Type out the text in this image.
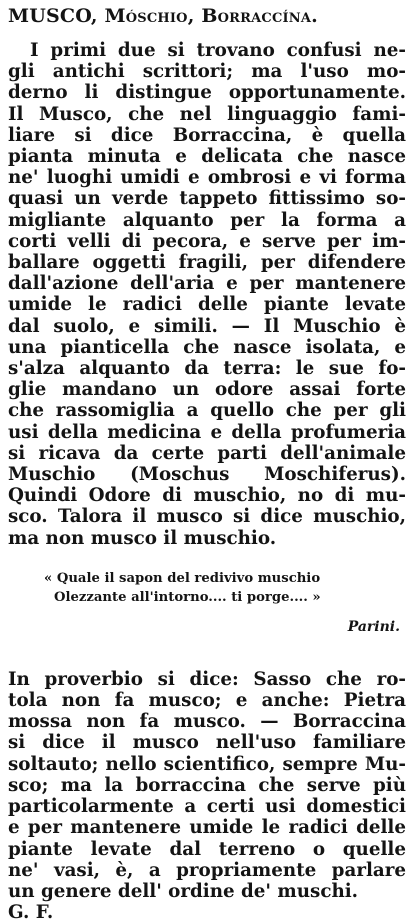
MUSCO, Móschio, Borraccína.
I primi due si trovano confusi ne-
gli antichi scrittori; ma l'uso mo-
derno li distingue opportunamente.
Il Musco, che nel linguaggio fami-
liare si dice Borraccina, è quella
pianta minuta e delicata che nasce
ne' luoghi umidi e ombrosi e vi forma
quasi un verde tappeto fittissimo so-
migliante alquanto per la forma a
corti velli di pecora, e serve per im-
ballare oggetti fragili, per difendere
dall'azione dell'aria e per mantenere
umide le radici delle piante levate
dal suolo, e simili. — Il Muschio è
una pianticella che nasce isolata, e
s'alza alquanto da terra: le sue fo-
glie mandano un odore assai forte
che rassomiglia a quello che per gli
usi della medicina e della profumeria
si ricava da certe parti dell'animale
Muschio (Moschus Moschiferus).
Quindi Odore di muschio, no di mu-
sco. Talora il musco si dice muschio,
ma non musco il muschio.
« Quale il sapon del redivivo muschio
Olezzante all'intorno.... ti porge.... »
Parini.
In proverbio si dice: Sasso che ro-
tola non fa musco; e anche: Pietra
mossa non fa musco. — Borraccina
si dice il musco nell'uso familiare
soltauto; nello scientifico, sempre Mu-
sco; ma la borraccina che serve più
particolarmente a certi usi domestici
e per mantenere umide le radici delle
piante levate dal terreno o quelle
ne' vasi, è, a propriamente parlare
un genere dell' ordine de' muschi.
G. F.
